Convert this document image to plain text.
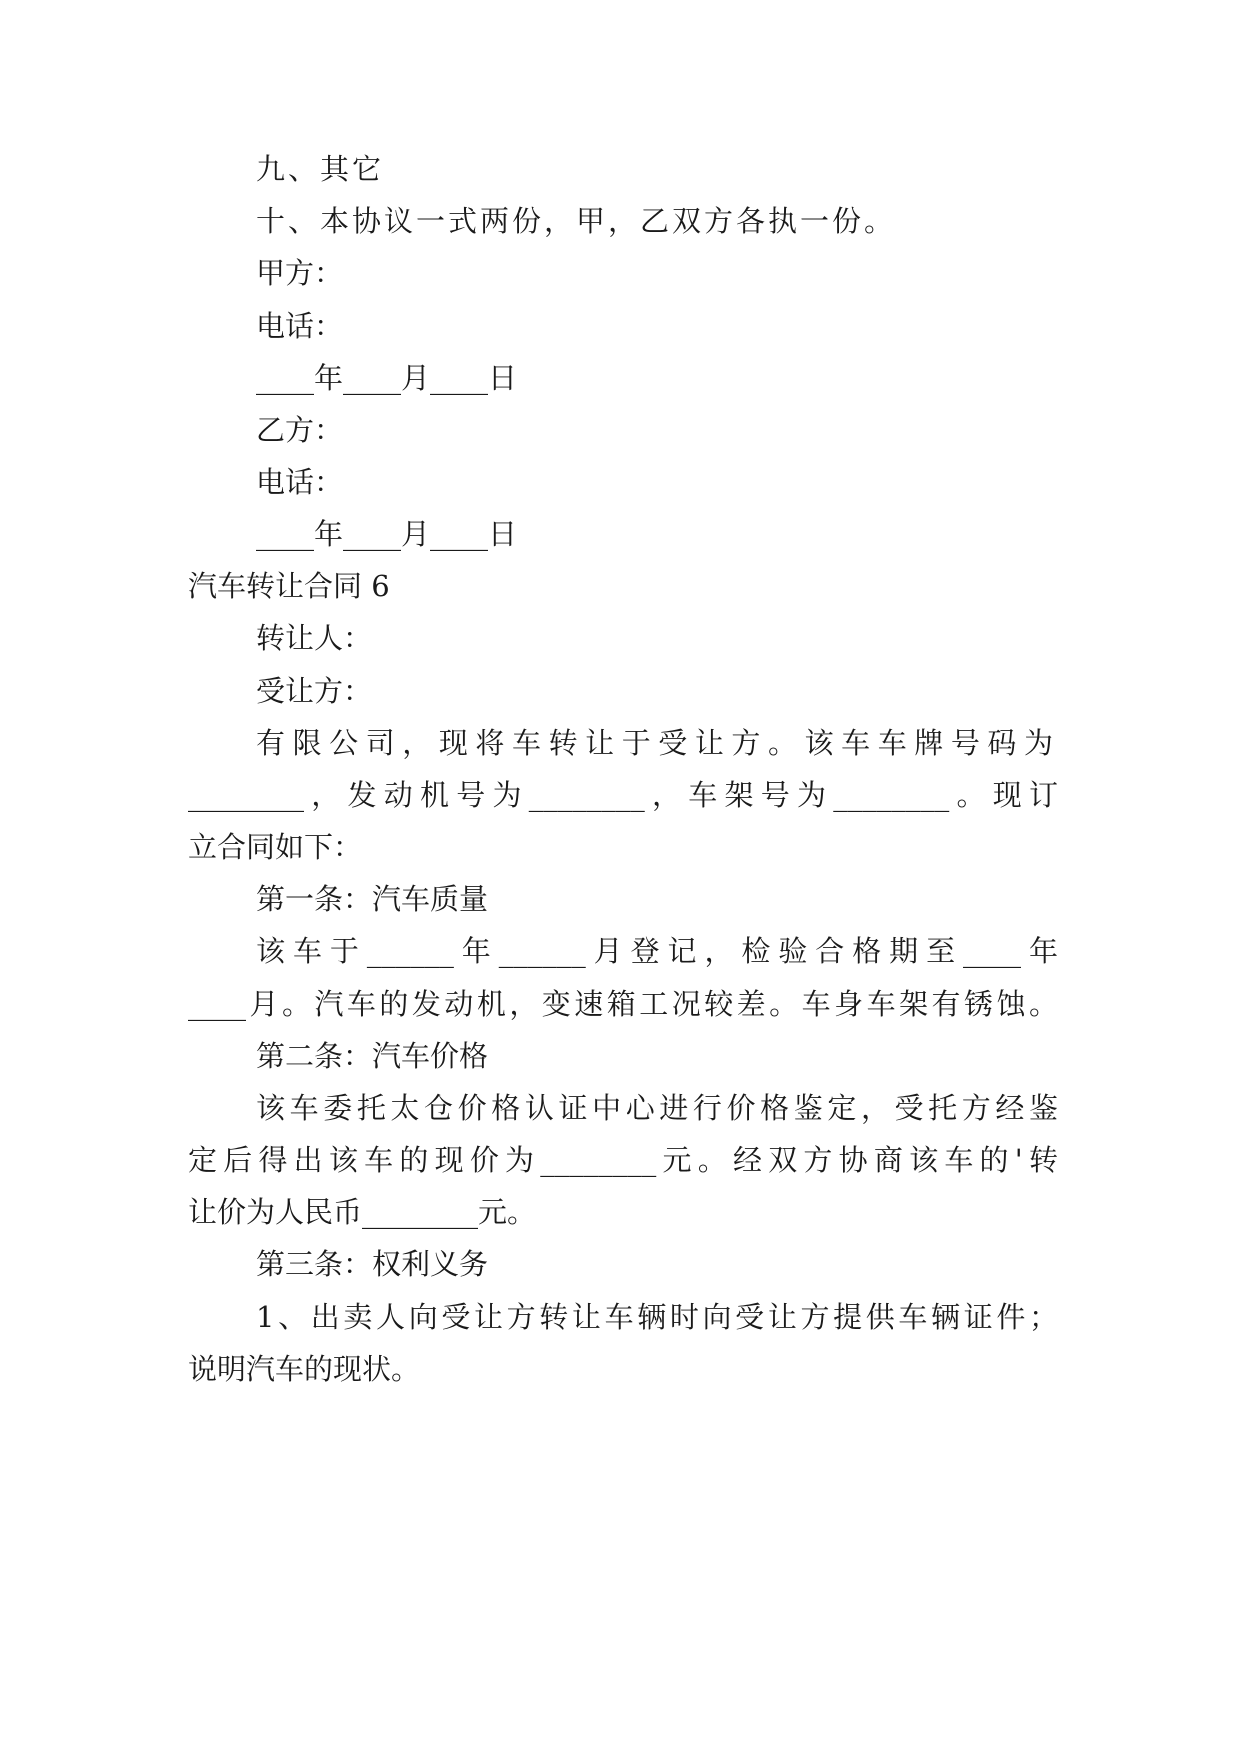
九、其它
十、本协议一式两份，甲，乙双方各执一份。
甲方：
电话：
____年____月____日
乙方：
电话：
____年____月____日
汽车转让合同 6
转让人：
受让方：
有限公司，现将车转让于受让方。该车车牌号码为
________，发动机号为________，车架号为________。现订
立合同如下：
第一条：汽车质量
该车于______年______月登记，检验合格期至____年
____月。汽车的发动机，变速箱工况较差。车身车架有锈蚀。
第二条：汽车价格
该车委托太仓价格认证中心进行价格鉴定，受托方经鉴
定后得出该车的现价为________元。经双方协商该车的'转
让价为人民币________元。
第三条：权利义务
1、出卖人向受让方转让车辆时向受让方提供车辆证件；
说明汽车的现状。
